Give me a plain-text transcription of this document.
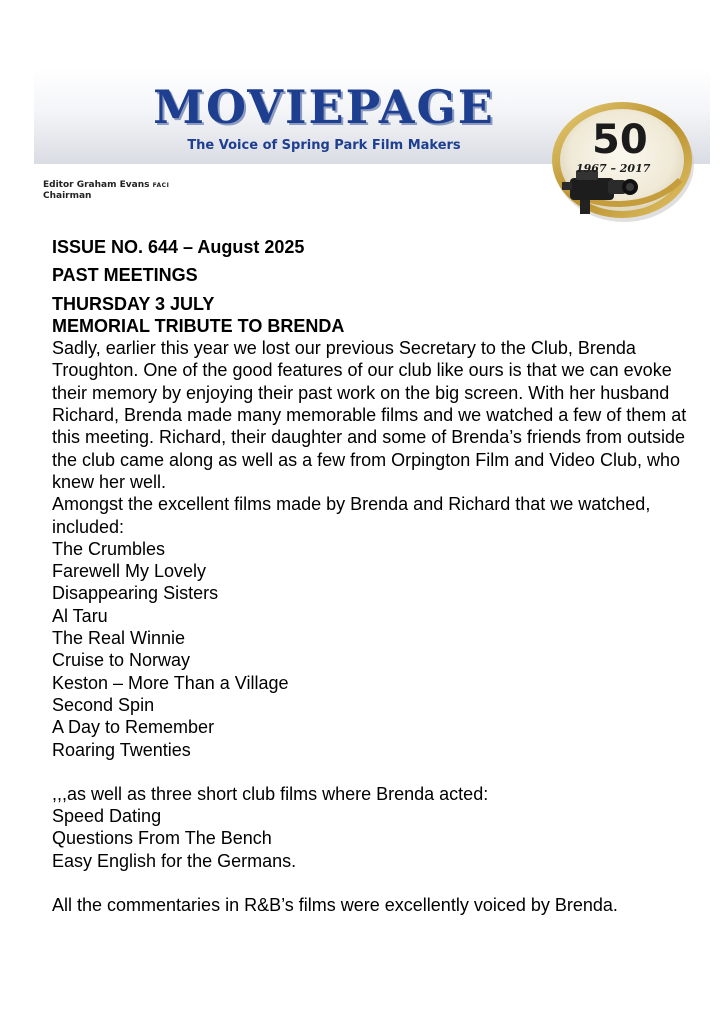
MOVIEPAGE
The Voice of Spring Park Film Makers	50
1967 – 2017
Editor Graham Evans FACI
Chairman

ISSUE NO. 644 – August 2025

PAST MEETINGS

THURSDAY 3 JULY

MEMORIAL TRIBUTE TO BRENDA

Sadly, earlier this year we lost our previous Secretary to the Club, Brenda Troughton. One of the good features of our club like ours is that we can evoke their memory by enjoying their past work on the big screen. With her husband Richard, Brenda made many memorable films and we watched a few of them at this meeting. Richard, their daughter and some of Brenda’s friends from outside the club came along as well as a few from Orpington Film and Video Club, who knew her well.

Amongst the excellent films made by Brenda and Richard that we watched, included:

The Crumbles
Farewell My Lovely
Disappearing Sisters
Al Taru
The Real Winnie
Cruise to Norway
Keston – More Than a Village
Second Spin
A Day to Remember
Roaring Twenties

,,,as well as three short club films where Brenda acted:

Speed Dating
Questions From The Bench
Easy English for the Germans.

All the commentaries in R&B’s films were excellently voiced by Brenda.
